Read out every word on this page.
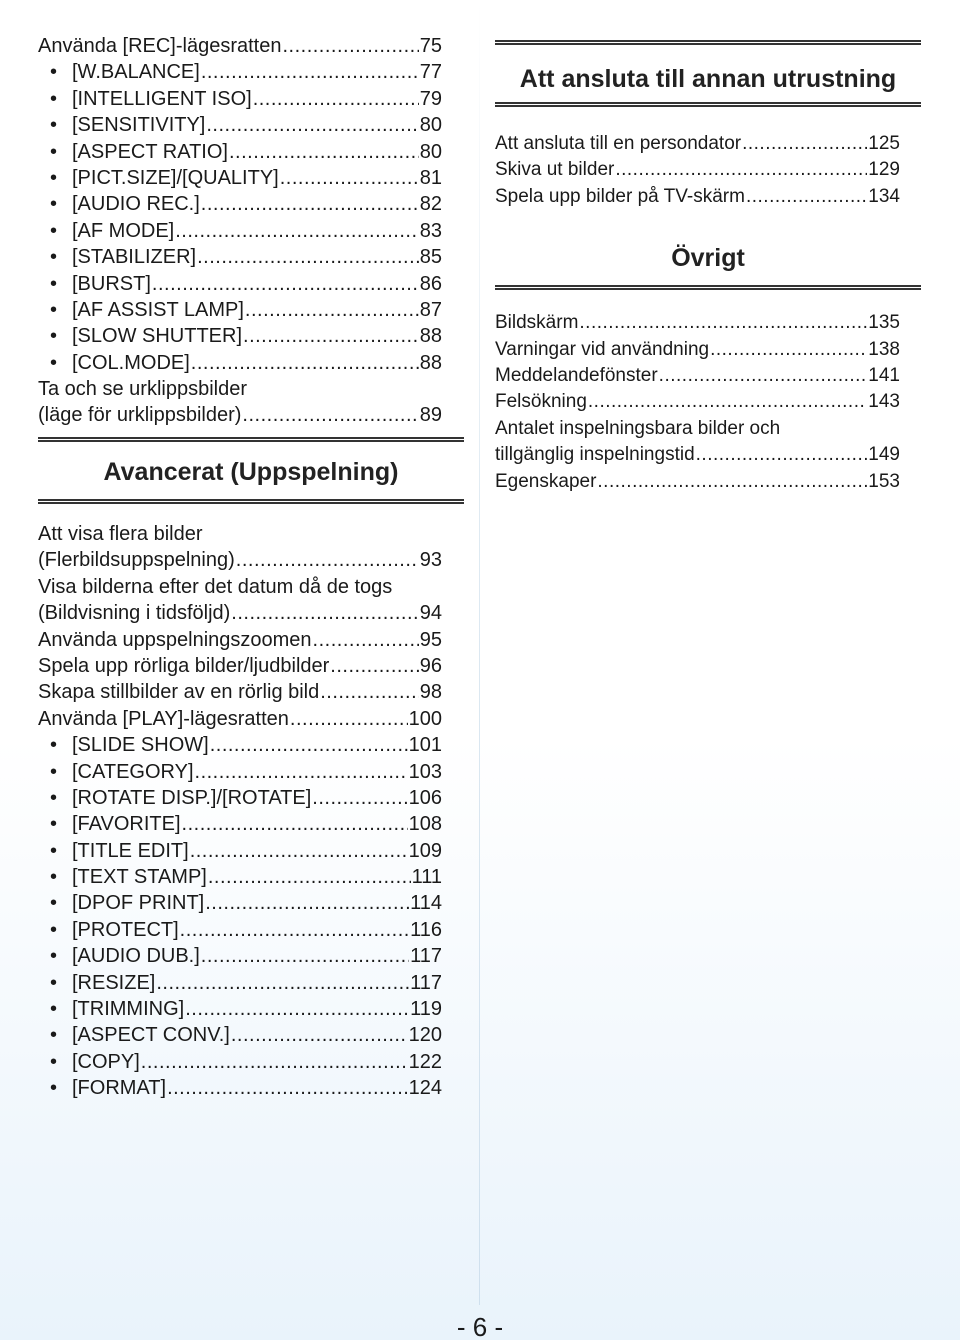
Använda [REC]-lägesratten .....	75
• [W.BALANCE] .....	77
• [INTELLIGENT ISO] .....	79
• [SENSITIVITY] .....	80
• [ASPECT RATIO] .....	80
• [PICT.SIZE]/[QUALITY] .....	81
• [AUDIO REC.] .....	82
• [AF MODE] .....	83
• [STABILIZER] .....	85
• [BURST] .....	86
• [AF ASSIST LAMP] .....	87
• [SLOW SHUTTER] .....	88
• [COL.MODE] .....	88
Ta och se urklippsbilder
(läge för urklippsbilder) .....	89
Avancerat (Uppspelning)
Att visa flera bilder
(Flerbildsuppspelning) .....	93
Visa bilderna efter det datum då de togs
(Bildvisning i tidsföljd) .....	94
Använda uppspelningszoomen .....	95
Spela upp rörliga bilder/ljudbilder .....	96
Skapa stillbilder av en rörlig bild .....	98
Använda [PLAY]-lägesratten .....	100
• [SLIDE SHOW] .....	101
• [CATEGORY] .....	103
• [ROTATE DISP.]/[ROTATE] .....	106
• [FAVORITE] .....	108
• [TITLE EDIT] .....	109
• [TEXT STAMP] .....	111
• [DPOF PRINT] .....	114
• [PROTECT] .....	116
• [AUDIO DUB.] .....	117
• [RESIZE] .....	117
• [TRIMMING] .....	119
• [ASPECT CONV.] .....	120
• [COPY] .....	122
• [FORMAT] .....	124
Att ansluta till annan utrustning
Att ansluta till en persondator .....	125
Skiva ut bilder .....	129
Spela upp bilder på TV-skärm .....	134
Övrigt
Bildskärm .....	135
Varningar vid användning .....	138
Meddelandefönster .....	141
Felsökning .....	143
Antalet inspelningsbara bilder och
tillgänglig inspelningstid .....	149
Egenskaper .....	153
- 6 -
